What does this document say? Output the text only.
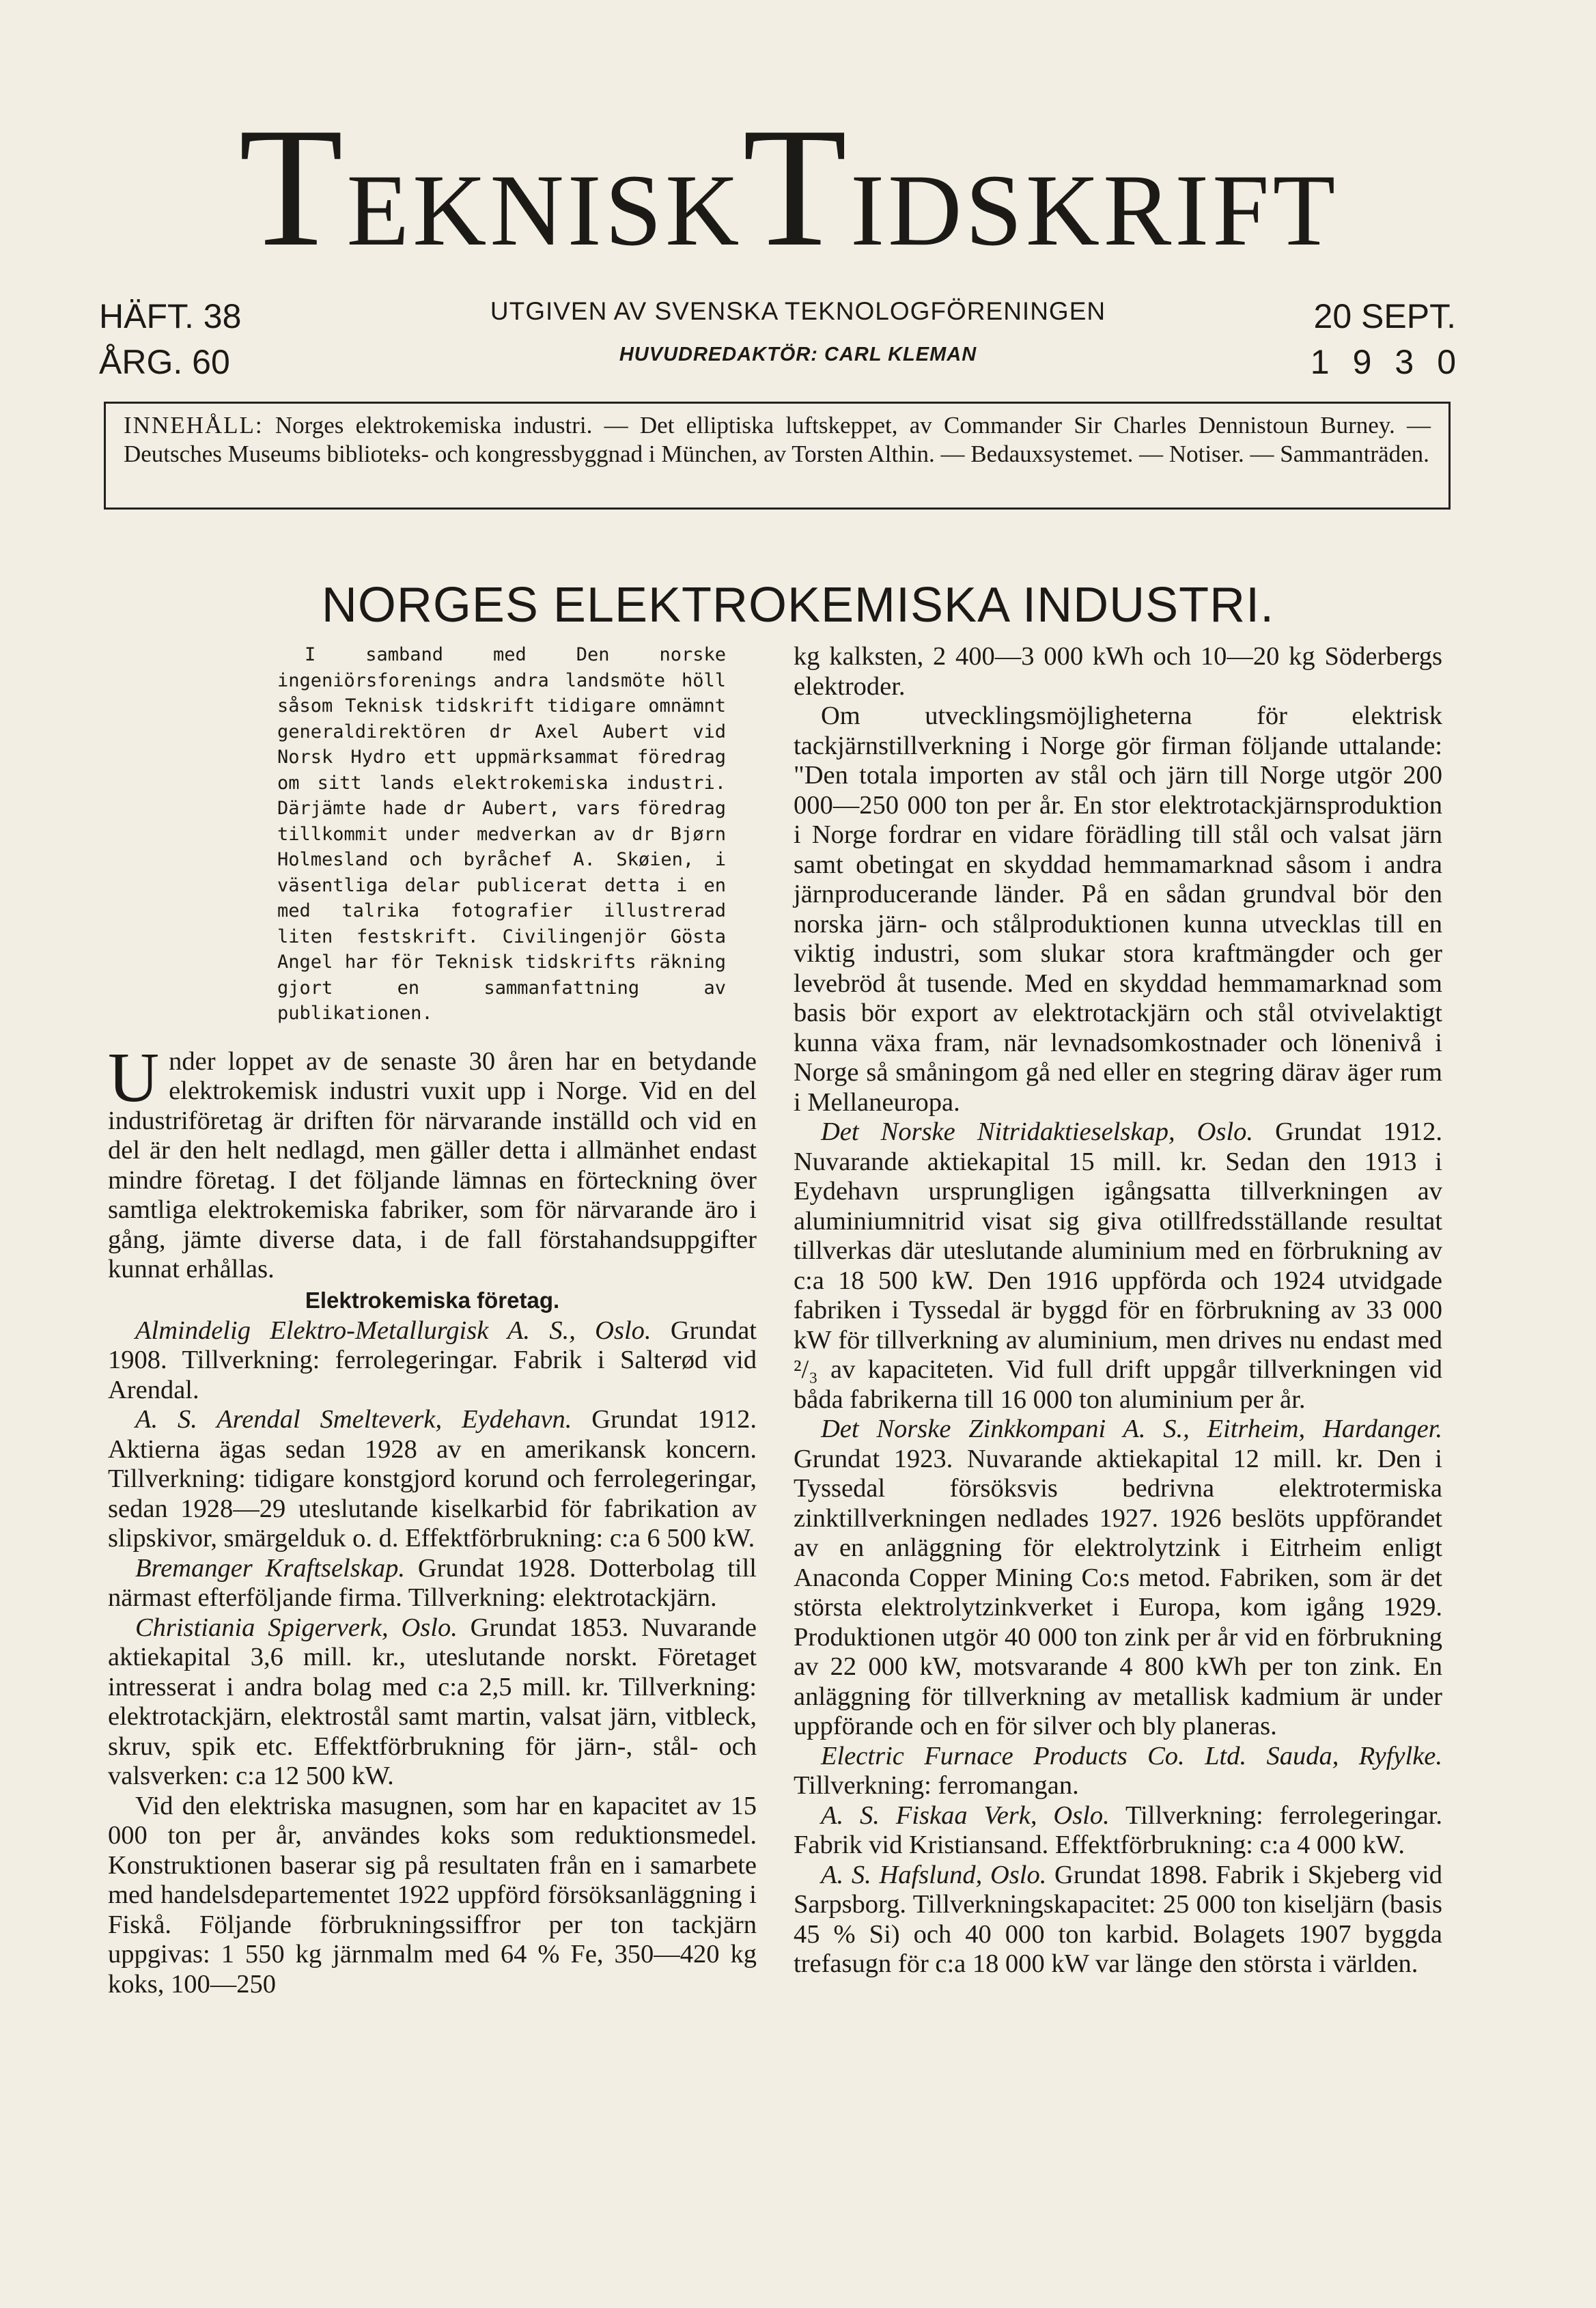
TEKNISKTIDSKRIFT
HÄFT. 38
ÅRG. 60
UTGIVEN AV SVENSKA TEKNOLOGFÖRENINGEN
HUVUDREDAKTÖR: CARL KLEMAN
20 SEPT.
1930
INNEHÅLL: Norges elektrokemiska industri. — Det elliptiska luftskeppet, av Commander Sir Charles Dennistoun Burney. — Deutsches Museums biblioteks- och kongressbyggnad i München, av Torsten Althin. — Bedauxsystemet. — Notiser. — Sammanträden.
NORGES ELEKTROKEMISKA INDUSTRI.

I samband med Den norske ingeniörsforenings andra landsmöte höll såsom Teknisk tidskrift tidigare omnämnt generaldirektören dr Axel Aubert vid Norsk Hydro ett uppmärksammat föredrag om sitt lands elektrokemiska industri. Därjämte hade dr Aubert, vars föredrag tillkommit under medverkan av dr Bjørn Holmesland och byråchef A. Skøien, i väsentliga delar publicerat detta i en med talrika fotografier illustrerad liten festskrift. Civilingenjör Gösta Angel har för Teknisk tidskrifts räkning gjort en sammanfattning av publikationen.

Under loppet av de senaste 30 åren har en betydande elektrokemisk industri vuxit upp i Norge. Vid en del industriföretag är driften för närvarande inställd och vid en del är den helt nedlagd, men gäller detta i allmänhet endast mindre företag. I det följande lämnas en förteckning över samtliga elektrokemiska fabriker, som för närvarande äro i gång, jämte diverse data, i de fall förstahandsuppgifter kunnat erhållas.

Elektrokemiska företag.

Almindelig Elektro-Metallurgisk A. S., Oslo. Grundat 1908. Tillverkning: ferrolegeringar. Fabrik i Salterød vid Arendal.

A. S. Arendal Smelteverk, Eydehavn. Grundat 1912. Aktierna ägas sedan 1928 av en amerikansk koncern. Tillverkning: tidigare konstgjord korund och ferrolegeringar, sedan 1928—29 uteslutande kiselkarbid för fabrikation av slipskivor, smärgelduk o. d. Effektförbrukning: c:a 6 500 kW.

Bremanger Kraftselskap. Grundat 1928. Dotterbolag till närmast efterföljande firma. Tillverkning: elektrotackjärn.

Christiania Spigerverk, Oslo. Grundat 1853. Nuvarande aktiekapital 3,6 mill. kr., uteslutande norskt. Företaget intresserat i andra bolag med c:a 2,5 mill. kr. Tillverkning: elektrotackjärn, elektrostål samt martin, valsat järn, vitbleck, skruv, spik etc. Effektförbrukning för järn-, stål- och valsverken: c:a 12 500 kW.

Vid den elektriska masugnen, som har en kapacitet av 15 000 ton per år, användes koks som reduktionsmedel. Konstruktionen baserar sig på resultaten från en i samarbete med handelsdepartementet 1922 uppförd försöksanläggning i Fiskå. Följande förbrukningssiffror per ton tackjärn uppgivas: 1 550 kg järnmalm med 64 % Fe, 350—420 kg koks, 100—250

kg kalksten, 2 400—3 000 kWh och 10—20 kg Söderbergs elektroder.

Om utvecklingsmöjligheterna för elektrisk tackjärnstillverkning i Norge gör firman följande uttalande: "Den totala importen av stål och järn till Norge utgör 200 000—250 000 ton per år. En stor elektrotackjärnsproduktion i Norge fordrar en vidare förädling till stål och valsat järn samt obetingat en skyddad hemmamarknad såsom i andra järnproducerande länder. På en sådan grundval bör den norska järn- och stålproduktionen kunna utvecklas till en viktig industri, som slukar stora kraftmängder och ger levebröd åt tusende. Med en skyddad hemmamarknad som basis bör export av elektrotackjärn och stål otvivelaktigt kunna växa fram, när levnadsomkostnader och lönenivå i Norge så småningom gå ned eller en stegring därav äger rum i Mellaneuropa.

Det Norske Nitridaktieselskap, Oslo. Grundat 1912. Nuvarande aktiekapital 15 mill. kr. Sedan den 1913 i Eydehavn ursprungligen igångsatta tillverkningen av aluminiumnitrid visat sig giva otillfredsställande resultat tillverkas där uteslutande aluminium med en förbrukning av c:a 18 500 kW. Den 1916 uppförda och 1924 utvidgade fabriken i Tyssedal är byggd för en förbrukning av 33 000 kW för tillverkning av aluminium, men drives nu endast med ²/₃ av kapaciteten. Vid full drift uppgår tillverkningen vid båda fabrikerna till 16 000 ton aluminium per år.

Det Norske Zinkkompani A. S., Eitrheim, Hardanger. Grundat 1923. Nuvarande aktiekapital 12 mill. kr. Den i Tyssedal försöksvis bedrivna elektrotermiska zinktillverkningen nedlades 1927. 1926 beslöts uppförandet av en anläggning för elektrolytzink i Eitrheim enligt Anaconda Copper Mining Co:s metod. Fabriken, som är det största elektrolytzinkverket i Europa, kom igång 1929. Produktionen utgör 40 000 ton zink per år vid en förbrukning av 22 000 kW, motsvarande 4 800 kWh per ton zink. En anläggning för tillverkning av metallisk kadmium är under uppförande och en för silver och bly planeras.

Electric Furnace Products Co. Ltd. Sauda, Ryfylke. Tillverkning: ferromangan.

A. S. Fiskaa Verk, Oslo. Tillverkning: ferrolegeringar. Fabrik vid Kristiansand. Effektförbrukning: c:a 4 000 kW.

A. S. Hafslund, Oslo. Grundat 1898. Fabrik i Skjeberg vid Sarpsborg. Tillverkningskapacitet: 25 000 ton kiseljärn (basis 45 % Si) och 40 000 ton karbid. Bolagets 1907 byggda trefasugn för c:a 18 000 kW var länge den största i världen.
